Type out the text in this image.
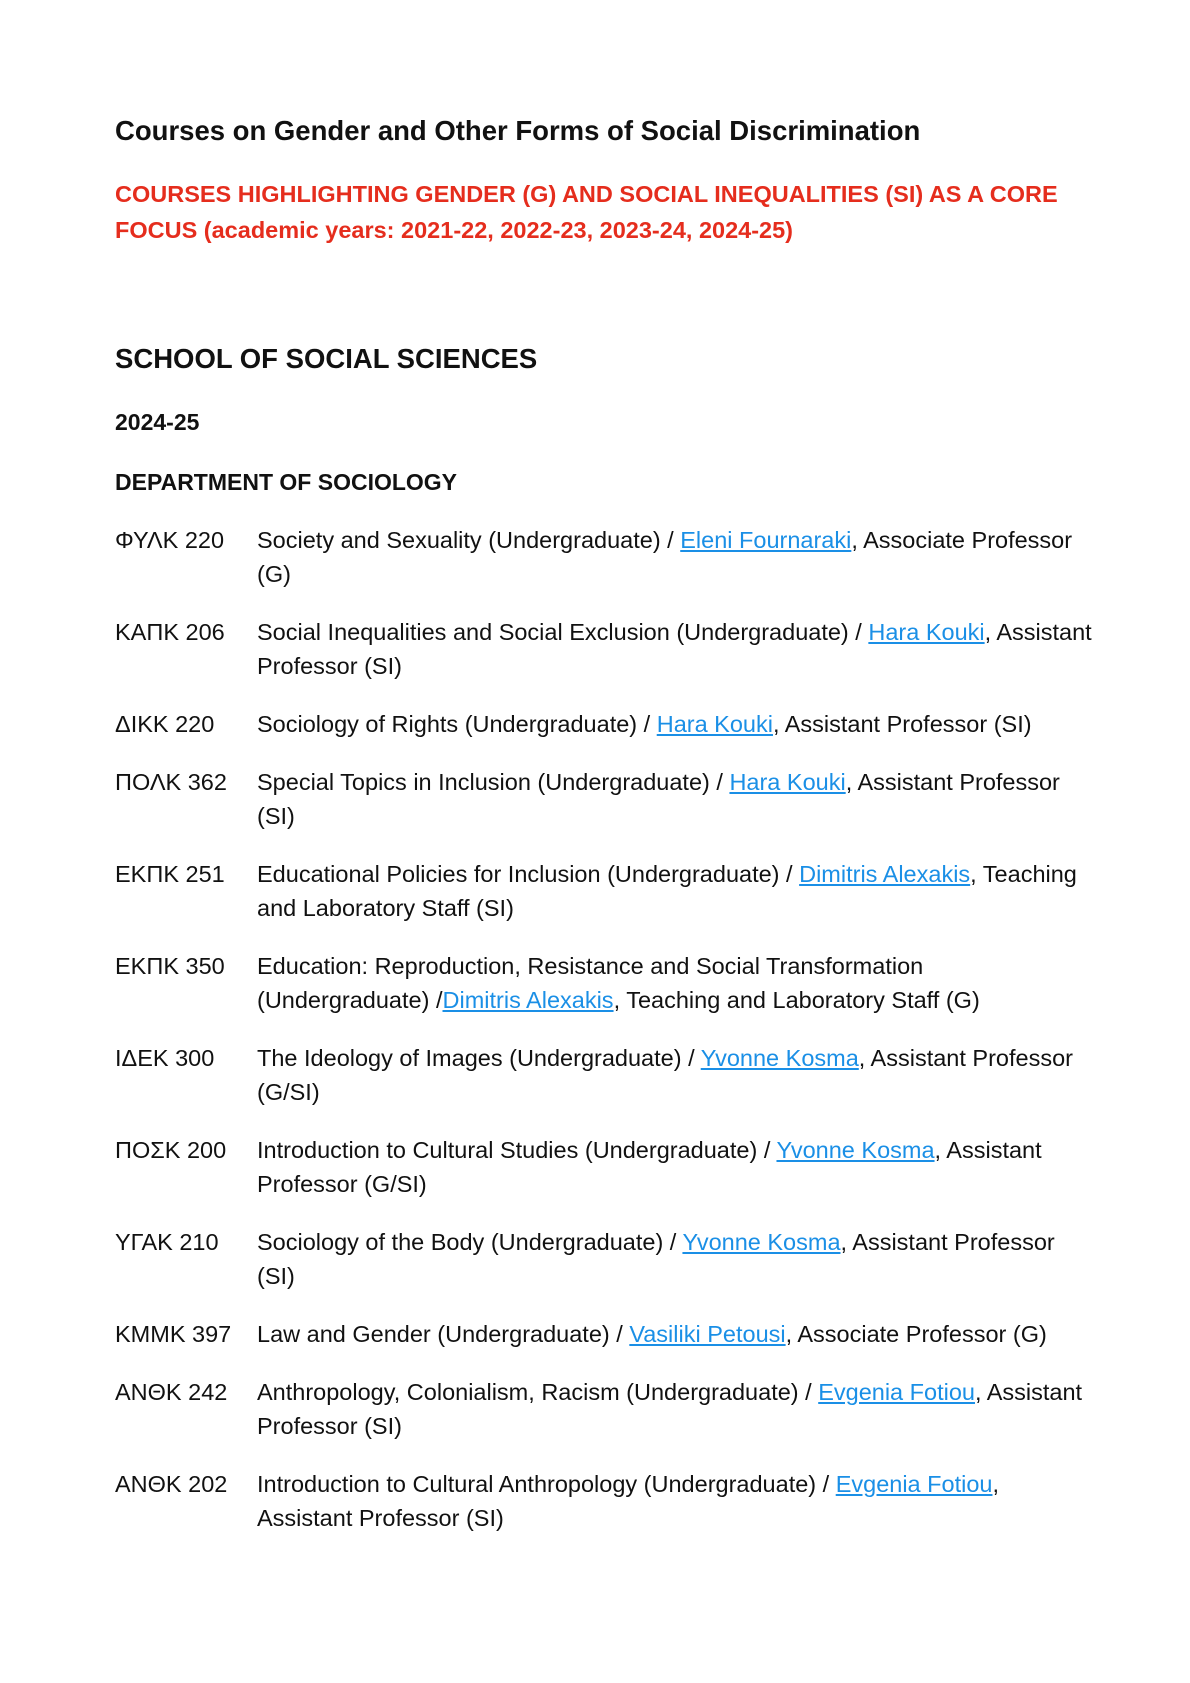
Courses on Gender and Other Forms of Social Discrimination

COURSES HIGHLIGHTING GENDER (G) AND SOCIAL INEQUALITIES (SI) AS A CORE FOCUS (academic years: 2021-22, 2022-23, 2023-24, 2024-25)

SCHOOL OF SOCIAL SCIENCES
2024-25
DEPARTMENT OF SOCIOLOGY
ΦΥΛΚ 220	Society and Sexuality (Undergraduate) / Eleni Fournaraki, Associate Professor (G)
ΚΑΠΚ 206	Social Inequalities and Social Exclusion (Undergraduate) / Hara Kouki, Assistant Professor (SI)
ΔΙΚΚ 220	Sociology of Rights (Undergraduate) / Hara Kouki, Assistant Professor (SI)
ΠΟΛΚ 362	Special Topics in Inclusion (Undergraduate) / Hara Kouki, Assistant Professor (SI)
ΕΚΠΚ 251	Educational Policies for Inclusion (Undergraduate) / Dimitris Alexakis, Teaching and Laboratory Staff (SI)
ΕΚΠΚ 350	Education: Reproduction, Resistance and Social Transformation (Undergraduate) /Dimitris Alexakis, Teaching and Laboratory Staff (G)
ΙΔΕΚ 300	The Ideology of Images (Undergraduate) / Yvonne Kosma, Assistant Professor (G/SI)
ΠΟΣΚ 200	Introduction to Cultural Studies (Undergraduate) / Yvonne Kosma, Assistant Professor (G/SI)
ΥΓΑΚ 210	Sociology of the Body (Undergraduate) / Yvonne Kosma, Assistant Professor (SI)
ΚΜΜΚ 397	Law and Gender (Undergraduate) / Vasiliki Petousi, Associate Professor (G)
ΑΝΘΚ 242	Anthropology, Colonialism, Racism (Undergraduate) / Evgenia Fotiou, Assistant Professor (SI)
ΑΝΘΚ 202	Introduction to Cultural Anthropology (Undergraduate) / Evgenia Fotiou, Assistant Professor (SI)
